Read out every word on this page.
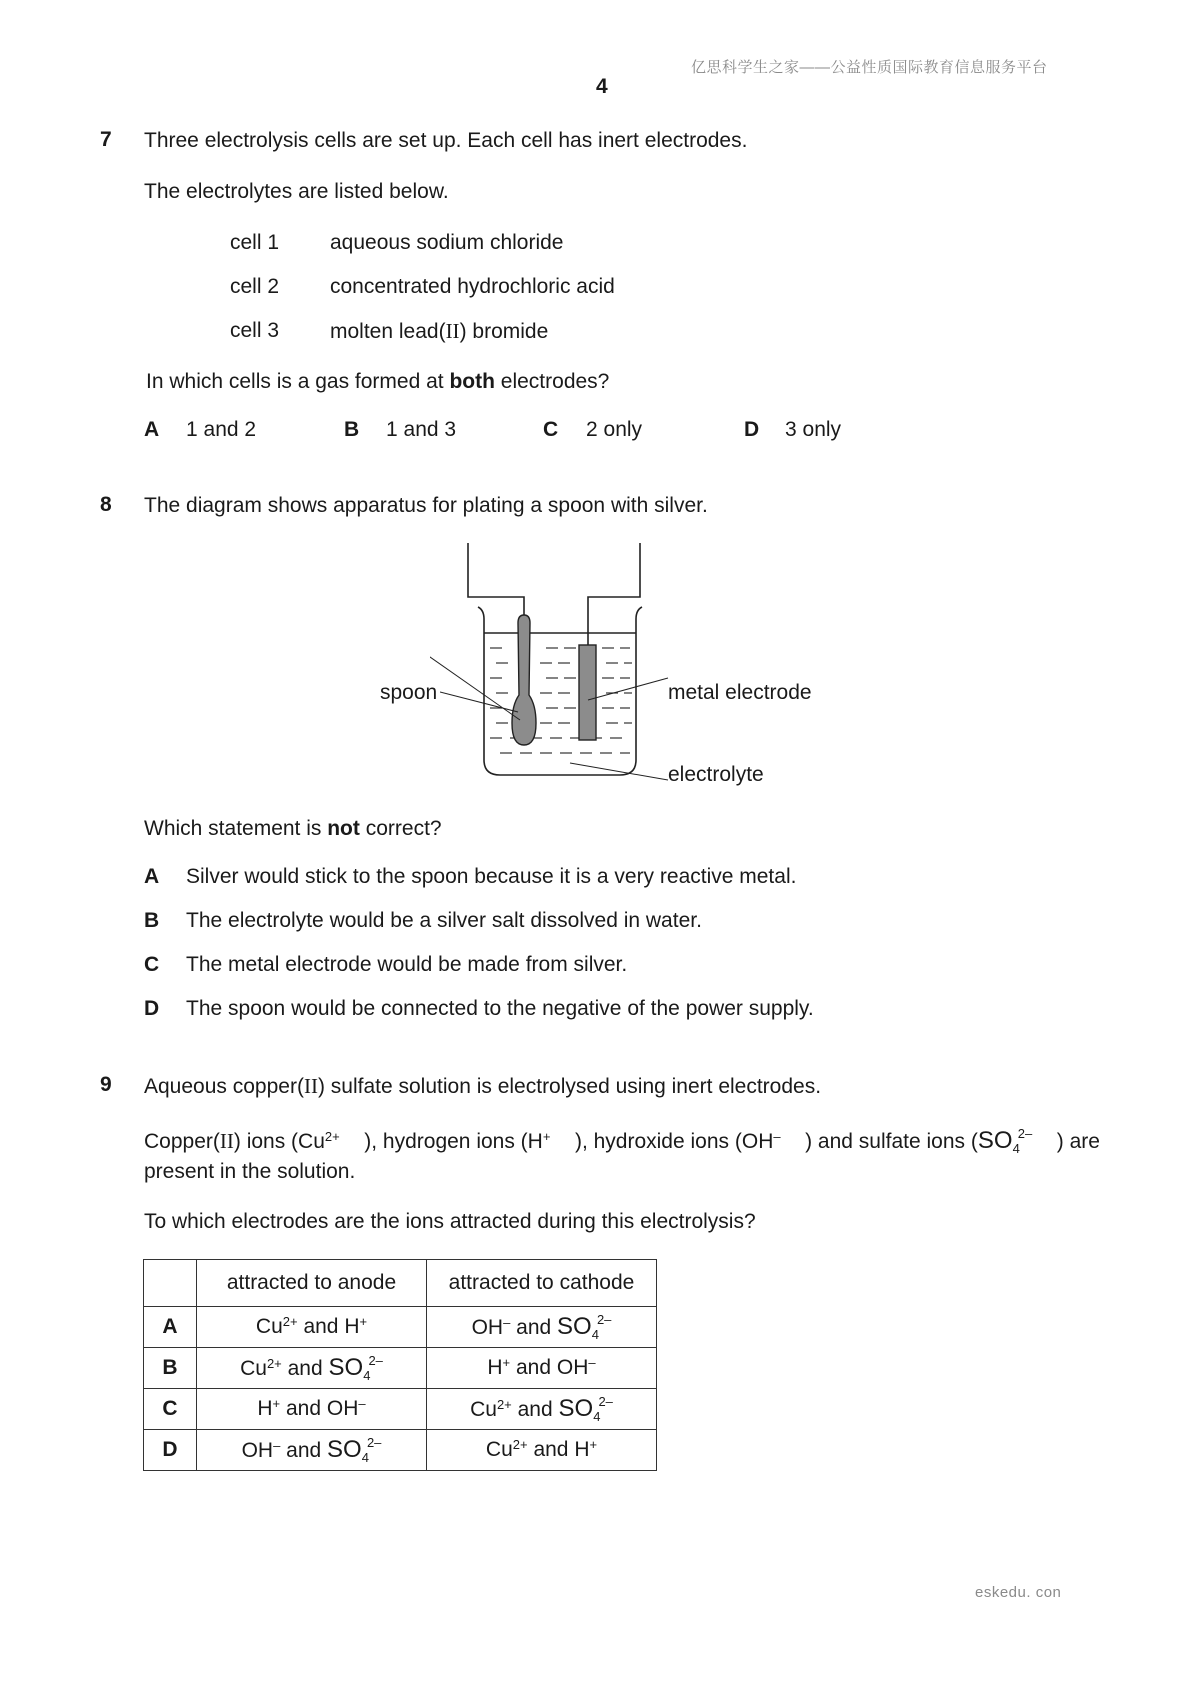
亿思科学生之家——公益性质国际教育信息服务平台
4
7 Three electrolysis cells are set up. Each cell has inert electrodes.
The electrolytes are listed below.
cell 1 aqueous sodium chloride
cell 2 concentrated hydrochloric acid
cell 3 molten lead(II) bromide
In which cells is a gas formed at both electrodes?
A 1 and 2	B 1 and 3	C 2 only	D 3 only
8 The diagram shows apparatus for plating a spoon with silver.
spoon	metal electrode
electrolyte
Which statement is not correct?
A Silver would stick to the spoon because it is a very reactive metal.
B The electrolyte would be a silver salt dissolved in water.
C The metal electrode would be made from silver.
D The spoon would be connected to the negative of the power supply.
9 Aqueous copper(II) sulfate solution is electrolysed using inert electrodes.
Copper(II) ions ($Cu^{2+}$ ), hydrogen ions (H+ ), hydroxide ions (OH– ) and sulfate ions ($SO_4^{2-}$ ) are
present in the solution.
To which electrodes are the ions attracted during this electrolysis?
	attracted to anode	attracted to cathode
A	$Cu^{2+}$ and H+	OH– and $SO_4^{2-}$
B	$Cu^{2+}$ and $SO_4^{2-}$	H+ and OH–
C	H+ and OH–	$Cu^{2+}$ and $SO_4^{2-}$
D	OH– and $SO_4^{2-}$	$Cu^{2+}$ and H+
eskedu. con
